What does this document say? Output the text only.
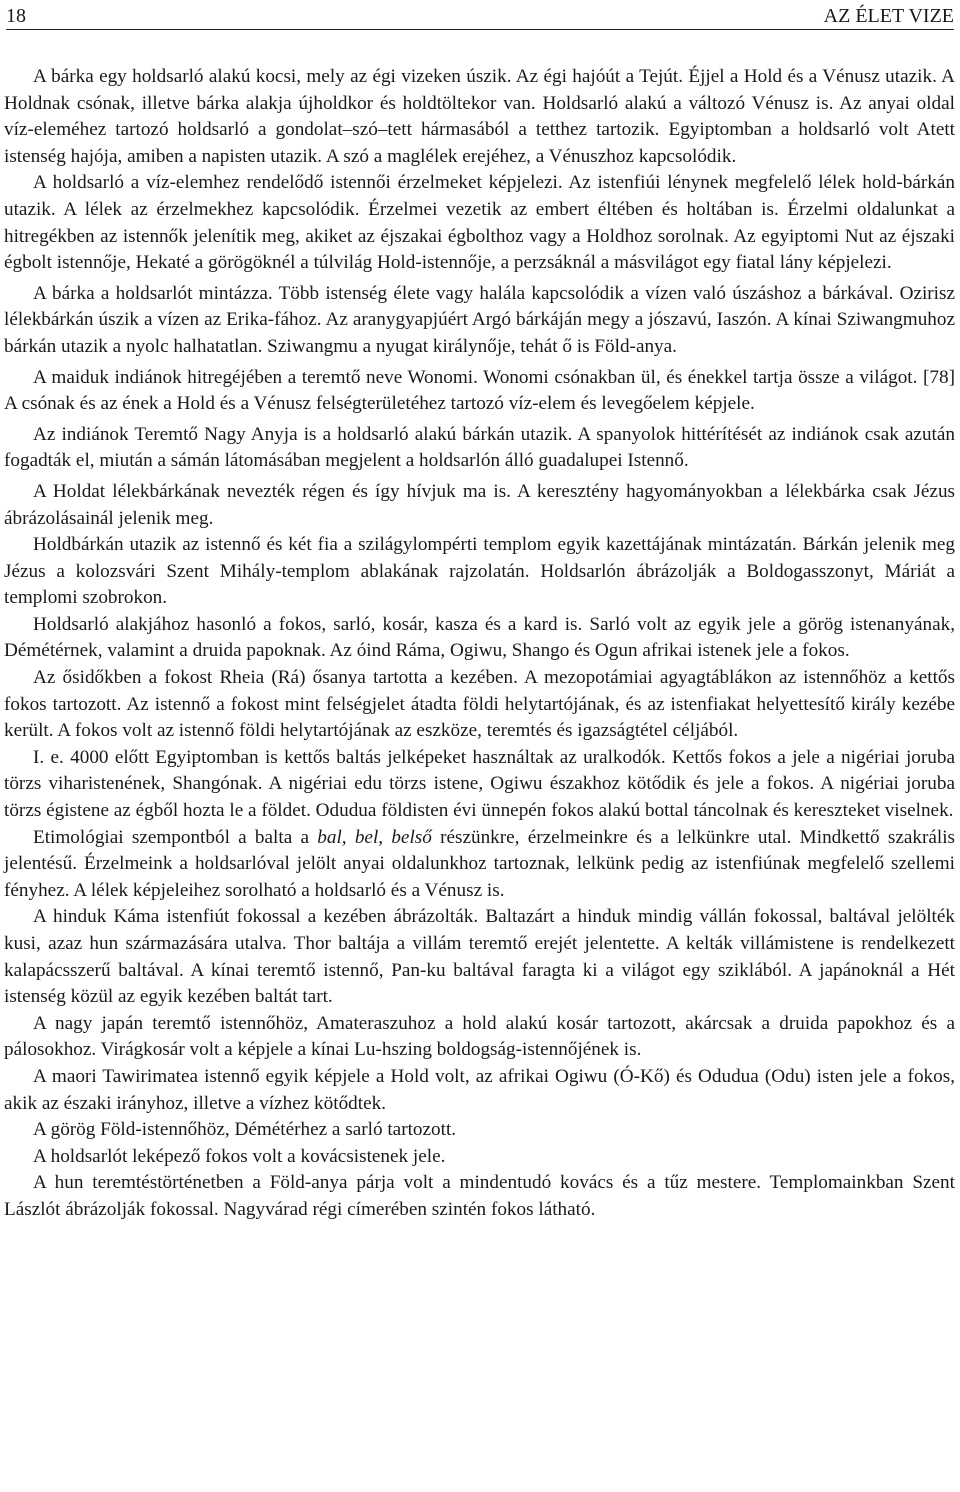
18	AZ ÉLET VIZE

A bárka egy holdsarló alakú kocsi, mely az égi vizeken úszik. Az égi hajóút a Tejút. Éjjel a Hold és a Vénusz utazik. A Holdnak csónak, illetve bárka alakja újholdkor és holdtöltekor van. Holdsarló alakú a változó Vénusz is. Az anyai oldal víz-eleméhez tartozó holdsarló a gondolat–szó–tett hármasából a tetthez tartozik. Egyiptomban a holdsarló volt Atett istenség hajója, amiben a napisten utazik. A szó a maglélek erejéhez, a Vénuszhoz kapcsolódik.

A holdsarló a víz-elemhez rendelődő istennői érzelmeket képjelezi. Az istenfiúi lénynek megfelelő lélek hold-bárkán utazik. A lélek az érzelmekhez kapcsolódik. Érzelmei vezetik az embert éltében és holtában is. Érzelmi oldalunkat a hitregékben az istennők jelenítik meg, akiket az éjszakai égbolthoz vagy a Holdhoz sorolnak. Az egyiptomi Nut az éjszaki égbolt istennője, Hekaté a görögöknél a túlvilág Hold-istennője, a perzsáknál a másvilágot egy fiatal lány képjelezi.

A bárka a holdsarlót mintázza. Több istenség élete vagy halála kapcsolódik a vízen való úszáshoz a bárkával. Ozirisz lélekbárkán úszik a vízen az Erika-fához. Az aranygyapjúért Argó bárkáján megy a jószavú, Iaszón. A kínai Sziwangmuhoz bárkán utazik a nyolc halhatatlan. Sziwangmu a nyugat királynője, tehát ő is Föld-anya.

A maiduk indiánok hitregéjében a teremtő neve Wonomi. Wonomi csónakban ül, és énekkel tartja össze a világot. [78] A csónak és az ének a Hold és a Vénusz felségterületéhez tartozó víz-elem és levegőelem képjele.

Az indiánok Teremtő Nagy Anyja is a holdsarló alakú bárkán utazik. A spanyolok hittérítését az indiánok csak azután fogadták el, miután a sámán látomásában megjelent a holdsarlón álló guadalupei Istennő.

A Holdat lélekbárkának nevezték régen és így hívjuk ma is. A keresztény hagyományokban a lélekbárka csak Jézus ábrázolásainál jelenik meg.

Holdbárkán utazik az istennő és két fia a szilágylompérti templom egyik kazettájának mintázatán. Bárkán jelenik meg Jézus a kolozsvári Szent Mihály-templom ablakának rajzolatán. Holdsarlón ábrázolják a Boldogasszonyt, Máriát a templomi szobrokon.

Holdsarló alakjához hasonló a fokos, sarló, kosár, kasza és a kard is. Sarló volt az egyik jele a görög istenanyának, Démétérnek, valamint a druida papoknak. Az óind Ráma, Ogiwu, Shango és Ogun afrikai istenek jele a fokos.

Az ősidőkben a fokost Rheia (Rá) ősanya tartotta a kezében. A mezopotámiai agyagtáblákon az istennőhöz a kettős fokos tartozott. Az istennő a fokost mint felségjelet átadta földi helytartójának, és az istenfiakat helyettesítő király kezébe került. A fokos volt az istennő földi helytartójának az eszköze, teremtés és igazságtétel céljából.

I. e. 4000 előtt Egyiptomban is kettős baltás jelképeket használtak az uralkodók. Kettős fokos a jele a nigériai joruba törzs viharistenének, Shangónak. A nigériai edu törzs istene, Ogiwu északhoz kötődik és jele a fokos. A nigériai joruba törzs égistene az égből hozta le a földet. Odudua földisten évi ünnepén fokos alakú bottal táncolnak és kereszteket viselnek.

Etimológiai szempontból a balta a bal, bel, belső részünkre, érzelmeinkre és a lelkünkre utal. Mindkettő szakrális jelentésű. Érzelmeink a holdsarlóval jelölt anyai oldalunkhoz tartoznak, lelkünk pedig az istenfiúnak megfelelő szellemi fényhez. A lélek képjeleihez sorolható a holdsarló és a Vénusz is.

A hinduk Káma istenfiút fokossal a kezében ábrázolták. Baltazárt a hinduk mindig vállán fokossal, baltával jelölték kusi, azaz hun származására utalva. Thor baltája a villám teremtő erejét jelentette. A kelták villámistene is rendelkezett kalapácsszerű baltával. A kínai teremtő istennő, Pan-ku baltával faragta ki a világot egy sziklából. A japánoknál a Hét istenség közül az egyik kezében baltát tart.

A nagy japán teremtő istennőhöz, Amateraszuhoz a hold alakú kosár tartozott, akárcsak a druida papokhoz és a pálosokhoz. Virágkosár volt a képjele a kínai Lu-hszing boldogság-istennőjének is.

A maori Tawirimatea istennő egyik képjele a Hold volt, az afrikai Ogiwu (Ó-Kő) és Odudua (Odu) isten jele a fokos, akik az északi irányhoz, illetve a vízhez kötődtek.

A görög Föld-istennőhöz, Démétérhez a sarló tartozott.

A holdsarlót leképező fokos volt a kovácsistenek jele.

A hun teremtéstörténetben a Föld-anya párja volt a mindentudó kovács és a tűz mestere. Templomainkban Szent Lászlót ábrázolják fokossal. Nagyvárad régi címerében szintén fokos látható.
